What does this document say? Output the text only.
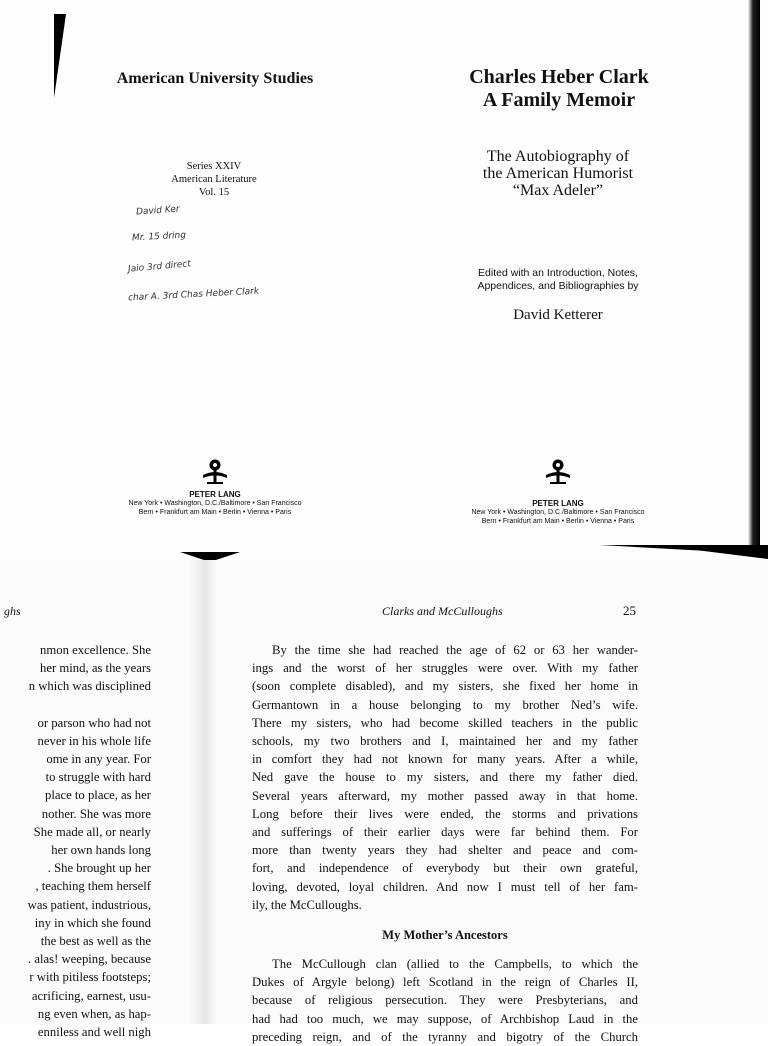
American University Studies
Series XXIV
American Literature
Vol. 15
David Ker
Mr. 15 dring
Jaio 3rd direct
char A. 3rd Chas Heber Clark
PETER LANG
New York • Washington, D.C./Baltimore • San Francisco
Bern • Frankfurt am Main • Berlin • Vienna • Paris
Charles Heber Clark
A Family Memoir
The Autobiography of
the American Humorist
“Max Adeler”
Edited with an Introduction, Notes,
Appendices, and Bibliographies by
David Ketterer
PETER LANG
New York • Washington, D.C./Baltimore • San Francisco
Bern • Frankfurt am Main • Berlin • Vienna • Paris
ghs	Clarks and McCulloughs	25
nmon excellence. She
her mind, as the years
n which was disciplined
or parson who had not
never in his whole life
ome in any year. For
to struggle with hard
place to place, as her
nother. She was more
She made all, or nearly
her own hands long
. She brought up her
, teaching them herself
was patient, industrious,
iny in which she found
the best as well as the
. alas! weeping, because
r with pitiless footsteps;
acrificing, earnest, usu-
ng even when, as hap-
enniless and well nigh
By the time she had reached the age of 62 or 63 her wander-
ings and the worst of her struggles were over. With my father
(soon complete disabled), and my sisters, she fixed her home in
Germantown in a house belonging to my brother Ned’s wife.
There my sisters, who had become skilled teachers in the public
schools, my two brothers and I, maintained her and my father
in comfort they had not known for many years. After a while,
Ned gave the house to my sisters, and there my father died.
Several years afterward, my mother passed away in that home.
Long before their lives were ended, the storms and privations
and sufferings of their earlier days were far behind them. For
more than twenty years they had shelter and peace and com-
fort, and independence of everybody but their own grateful,
loving, devoted, loyal children. And now I must tell of her fam-
ily, the McCulloughs.
My Mother’s Ancestors
The McCullough clan (allied to the Campbells, to which the
Dukes of Argyle belong) left Scotland in the reign of Charles II,
because of religious persecution. They were Presbyterians, and
had had too much, we may suppose, of Archbishop Laud in the
preceding reign, and of the tyranny and bigotry of the Church
